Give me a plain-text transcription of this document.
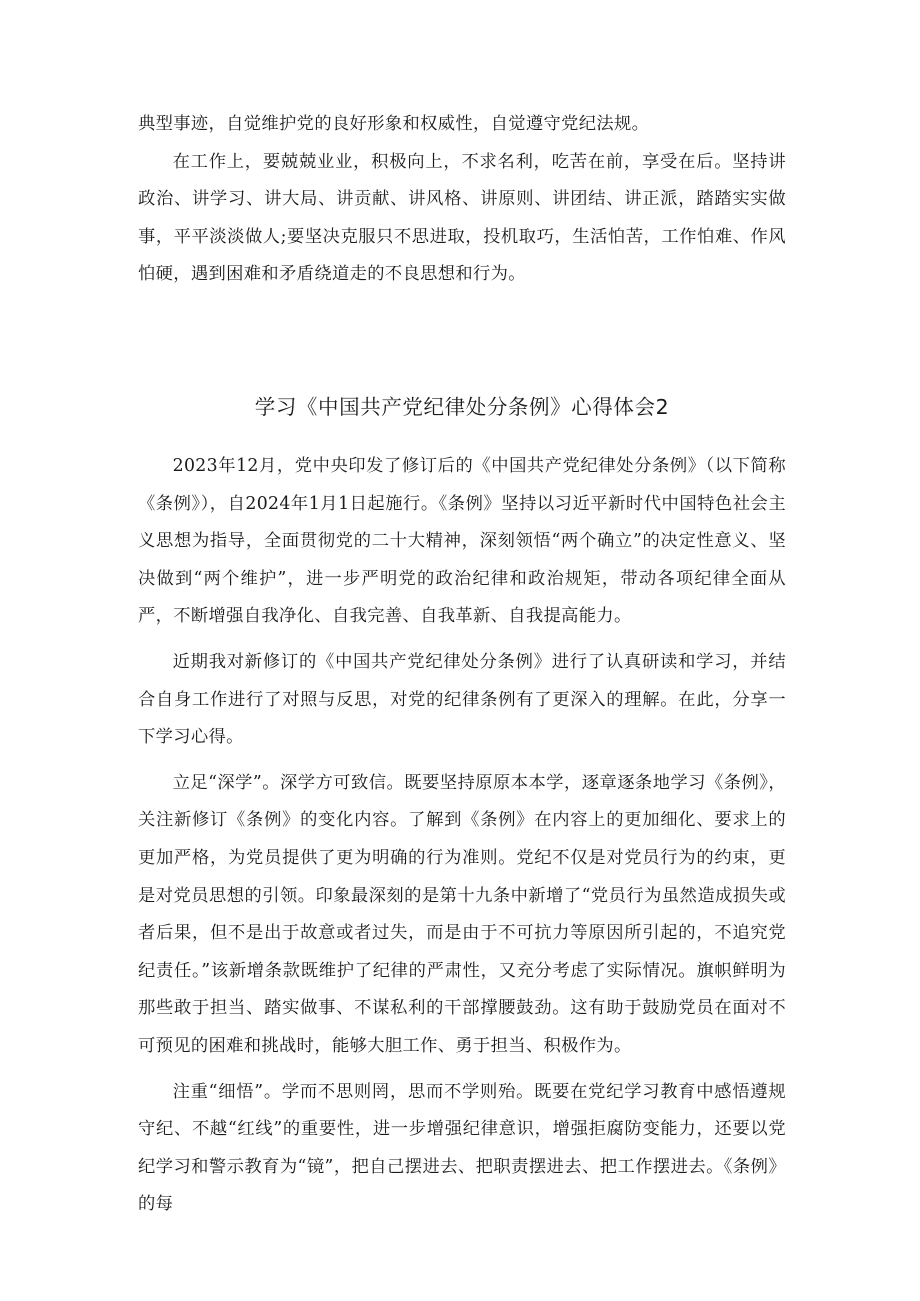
典型事迹，自觉维护党的良好形象和权威性，自觉遵守党纪法规。

在工作上，要兢兢业业，积极向上，不求名利，吃苦在前，享受在后。坚持讲政治、讲学习、讲大局、讲贡献、讲风格、讲原则、讲团结、讲正派，踏踏实实做事，平平淡淡做人;要坚决克服只不思进取，投机取巧，生活怕苦，工作怕难、作风怕硬，遇到困难和矛盾绕道走的不良思想和行为。

学习《中国共产党纪律处分条例》心得体会2

2023年12月，党中央印发了修订后的《中国共产党纪律处分条例》（以下简称《条例》），自2024年1月1日起施行。《条例》坚持以习近平新时代中国特色社会主义思想为指导，全面贯彻党的二十大精神，深刻领悟“两个确立”的决定性意义、坚决做到“两个维护”，进一步严明党的政治纪律和政治规矩，带动各项纪律全面从严，不断增强自我净化、自我完善、自我革新、自我提高能力。

近期我对新修订的《中国共产党纪律处分条例》进行了认真研读和学习，并结合自身工作进行了对照与反思，对党的纪律条例有了更深入的理解。在此，分享一下学习心得。

立足“深学”。深学方可致信。既要坚持原原本本学，逐章逐条地学习《条例》，关注新修订《条例》的变化内容。了解到《条例》在内容上的更加细化、要求上的更加严格，为党员提供了更为明确的行为准则。党纪不仅是对党员行为的约束，更是对党员思想的引领。印象最深刻的是第十九条中新增了“党员行为虽然造成损失或者后果，但不是出于故意或者过失，而是由于不可抗力等原因所引起的，不追究党纪责任。”该新增条款既维护了纪律的严肃性，又充分考虑了实际情况。旗帜鲜明为那些敢于担当、踏实做事、不谋私利的干部撑腰鼓劲。这有助于鼓励党员在面对不可预见的困难和挑战时，能够大胆工作、勇于担当、积极作为。

注重“细悟”。学而不思则罔，思而不学则殆。既要在党纪学习教育中感悟遵规守纪、不越“红线”的重要性，进一步增强纪律意识，增强拒腐防变能力，还要以党纪学习和警示教育为“镜”，把自己摆进去、把职责摆进去、把工作摆进去。《条例》的每
